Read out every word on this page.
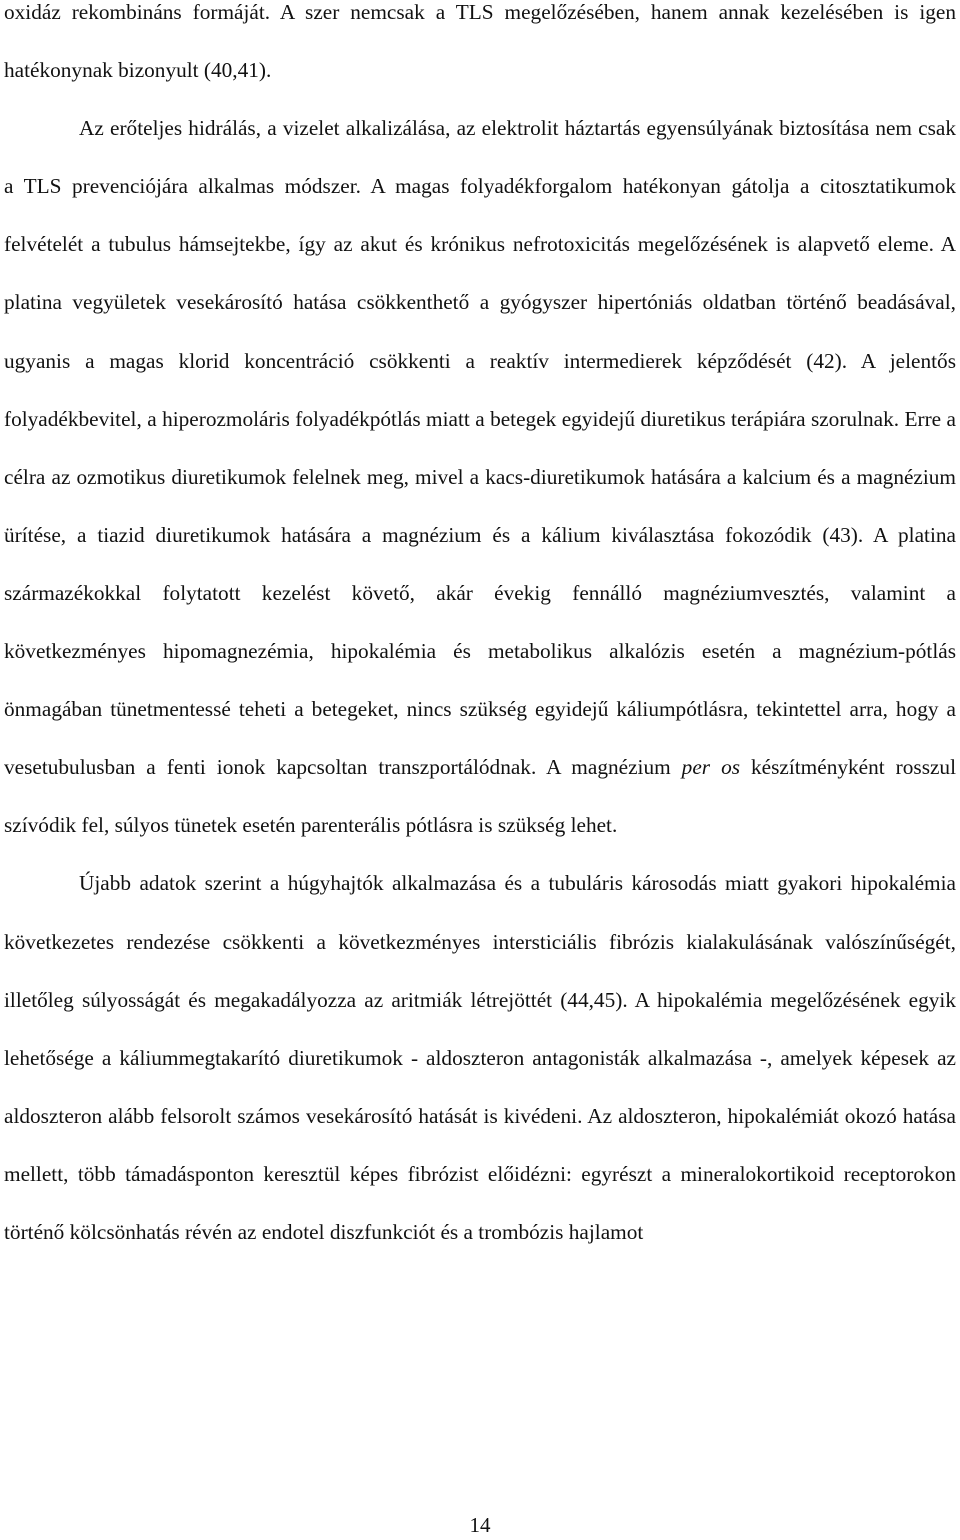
oxidáz rekombináns formáját. A szer nemcsak a TLS megelőzésében, hanem annak kezelésében is igen hatékonynak bizonyult (40,41).

Az erőteljes hidrálás, a vizelet alkalizálása, az elektrolit háztartás egyensúlyának biztosítása nem csak a TLS prevenciójára alkalmas módszer. A magas folyadékforgalom hatékonyan gátolja a citosztatikumok felvételét a tubulus hámsejtekbe, így az akut és krónikus nefrotoxicitás megelőzésének is alapvető eleme. A platina vegyületek vesekárosító hatása csökkenthető a gyógyszer hipertóniás oldatban történő beadásával, ugyanis a magas klorid koncentráció csökkenti a reaktív intermedierek képződését (42). A jelentős folyadékbevitel, a hiperozmoláris folyadékpótlás miatt a betegek egyidejű diuretikus terápiára szorulnak. Erre a célra az ozmotikus diuretikumok felelnek meg, mivel a kacs-diuretikumok hatására a kalcium és a magnézium ürítése, a tiazid diuretikumok hatására a magnézium és a kálium kiválasztása fokozódik (43). A platina származékokkal folytatott kezelést követő, akár évekig fennálló magnéziumvesztés, valamint a következményes hipomagnezémia, hipokalémia és metabolikus alkalózis esetén a magnézium-pótlás önmagában tünetmentessé teheti a betegeket, nincs szükség egyidejű káliumpótlásra, tekintettel arra, hogy a vesetubulusban a fenti ionok kapcsoltan transzportálódnak. A magnézium per os készítményként rosszul szívódik fel, súlyos tünetek esetén parenterális pótlásra is szükség lehet.

Újabb adatok szerint a húgyhajtók alkalmazása és a tubuláris károsodás miatt gyakori hipokalémia következetes rendezése csökkenti a következményes intersticiális fibrózis kialakulásának valószínűségét, illetőleg súlyosságát és megakadályozza az aritmiák létrejöttét (44,45). A hipokalémia megelőzésének egyik lehetősége a káliummegtakarító diuretikumok - aldoszteron antagonisták alkalmazása -, amelyek képesek az aldoszteron alább felsorolt számos vesekárosító hatását is kivédeni. Az aldoszteron, hipokalémiát okozó hatása mellett, több támadásponton keresztül képes fibrózist előidézni: egyrészt a mineralokortikoid receptorokon történő kölcsönhatás révén az endotel diszfunkciót és a trombózis hajlamot

14
